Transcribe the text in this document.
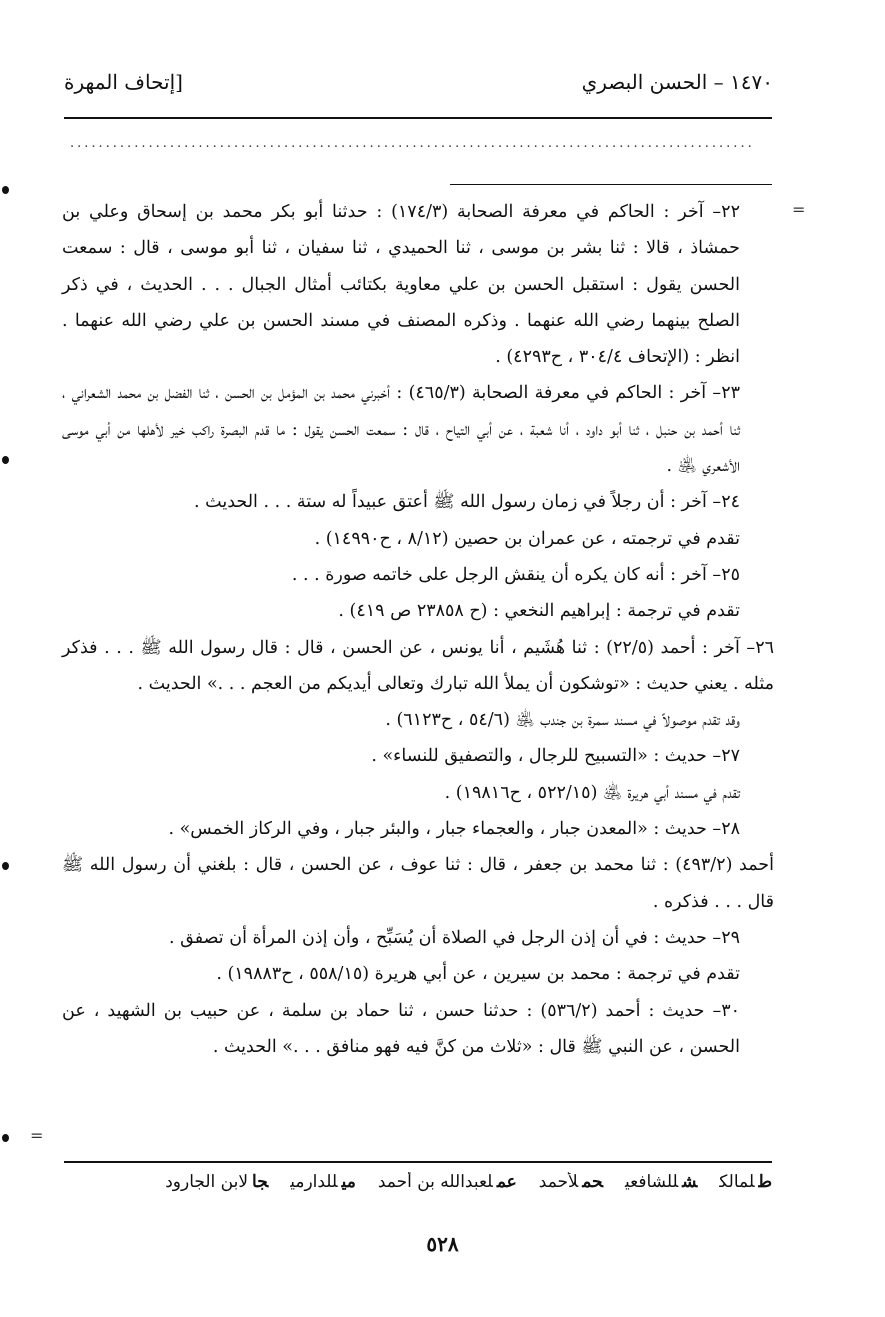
١٤٧٠ – الحسن البصري
[إتحاف المهرة
................................................................................................

٢٢– آخر : الحاكم في معرفة الصحابة (١٧٤/٣) : حدثنا أبو بكر محمد بن إسحاق وعلي بن حمشاذ ، قالا : ثنا بشر بن موسى ، ثنا الحميدي ، ثنا سفيان ، ثنا أبو موسى ، قال : سمعت الحسن يقول : استقبل الحسن بن علي معاوية بكتائب أمثال الجبال . . . الحديث ، في ذكر الصلح بينهما رضي الله عنهما . وذكره المصنف في مسند الحسن بن علي رضي الله عنهما . انظر : (الإتحاف ٣٠٤/٤ ، ح٤٢٩٣) .

٢٣– آخر : الحاكم في معرفة الصحابة (٤٦٥/٣) : أخبرني محمد بن المؤمل بن الحسن ، ثنا الفضل بن محمد الشعراني ، ثنا أحمد بن حنبل ، ثنا أبو داود ، أنا شعبة ، عن أبي التياح ، قال : سمعت الحسن يقول : ما قدم البصرة راكب خير لأهلها من أبي موسى الأشعري ﵁ .

٢٤– آخر : أن رجلاً في زمان رسول الله ﷺ أعتق عبيداً له ستة . . . الحديث .

تقدم في ترجمته ، عن عمران بن حصين (٨/١٢ ، ح١٤٩٩٠) .

٢٥– آخر : أنه كان يكره أن ينقش الرجل على خاتمه صورة . . .

تقدم في ترجمة : إبراهيم النخعي : (ح ٢٣٨٥٨ ص ٤١٩) .

٢٦– آخر : أحمد (٢٢/٥) : ثنا هُشَيم ، أنا يونس ، عن الحسن ، قال : قال رسول الله ﷺ . . . فذكر مثله . يعني حديث : «توشكون أن يملأ الله تبارك وتعالى أيديكم من العجم . . .» الحديث .

وقد تقدم موصولاً في مسند سمرة بن جندب ﵁ (٥٤/٦ ، ح٦١٢٣) .

٢٧– حديث : «التسبيح للرجال ، والتصفيق للنساء» .

تقدم في مسند أبي هريرة ﵁ (٥٢٢/١٥ ، ح١٩٨١٦) .

٢٨– حديث : «المعدن جبار ، والعجماء جبار ، والبئر جبار ، وفي الركاز الخمس» .

أحمد (٤٩٣/٢) : ثنا محمد بن جعفر ، قال : ثنا عوف ، عن الحسن ، قال : بلغني أن رسول الله ﷺ قال . . . فذكره .

٢٩– حديث : في أن إذن الرجل في الصلاة أن يُسَبِّح ، وأن إذن المرأة أن تصفق .

تقدم في ترجمة : محمد بن سيرين ، عن أبي هريرة (٥٥٨/١٥ ، ح١٩٨٨٣) .

٣٠– حديث : أحمد (٥٣٦/٢) : حدثنا حسن ، ثنا حماد بن سلمة ، عن حبيب بن الشهيد ، عن الحسن ، عن النبي ﷺ قال : «ثلاث من كنَّ فيه فهو منافق . . .» الحديث .

طلمالكشللشافعيحملأحمدعملعبدالله بن أحمدميللدارميجالابن الجارود
٥٢٨
=
=
